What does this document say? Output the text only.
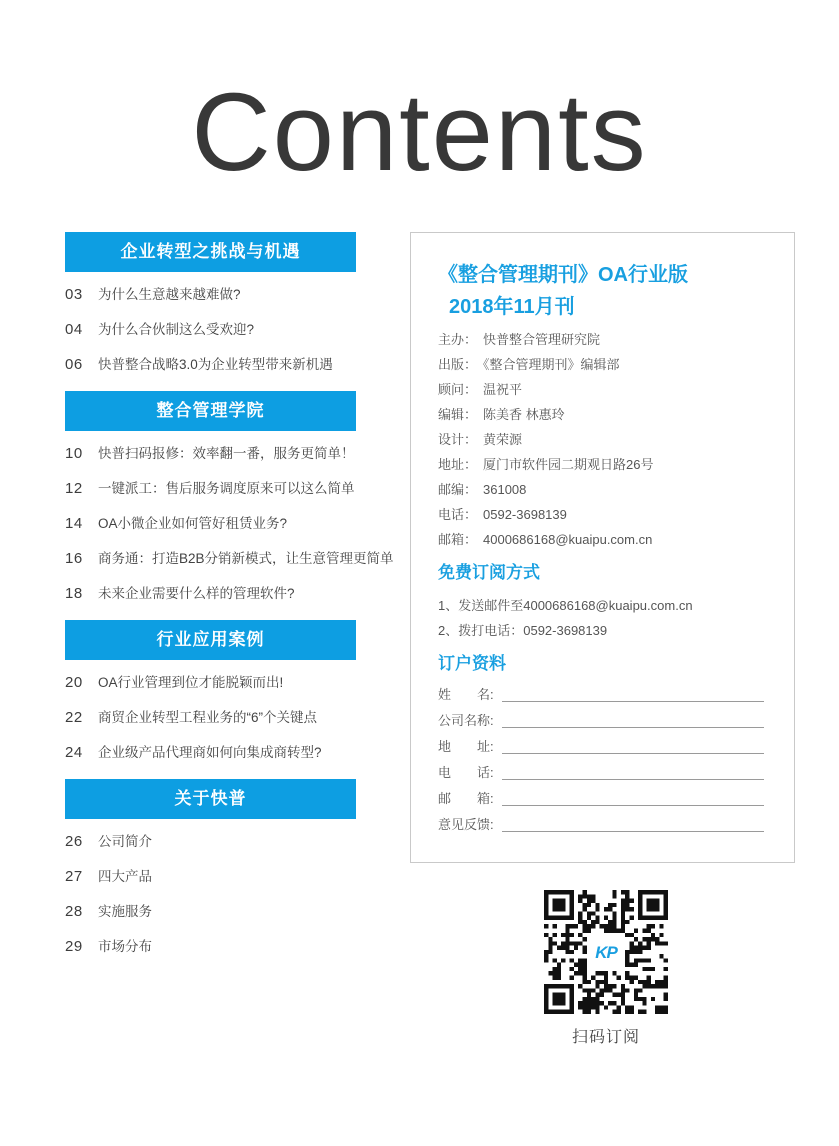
Contents
企业转型之挑战与机遇
03	为什么生意越来越难做?
04	为什么合伙制这么受欢迎?
06	快普整合战略3.0为企业转型带来新机遇
整合管理学院
10	快普扫码报修：效率翻一番，服务更简单！
12	一键派工：售后服务调度原来可以这么简单
14	OA小微企业如何管好租赁业务?
16	商务通：打造B2B分销新模式，让生意管理更简单
18	未来企业需要什么样的管理软件?
行业应用案例
20	OA行业管理到位才能脱颖而出!
22	商贸企业转型工程业务的“6”个关键点
24	企业级产品代理商如何向集成商转型?
关于快普
26	公司简介
27	四大产品
28	实施服务
29	市场分布
《整合管理期刊》OA行业版
2018年11月刊
主办： 快普整合管理研究院
出版： 《整合管理期刊》编辑部
顾问： 温祝平
编辑： 陈美香 林惠玲
设计： 黄荣源
地址： 厦门市软件园二期观日路26号
邮编： 361008
电话： 0592-3698139
邮箱： 4000686168@kuaipu.com.cn
免费订阅方式
1、发送邮件至4000686168@kuaipu.com.cn
2、拨打电话：0592-3698139
订户资料
姓　　名:
公司名称:
地　　址:
电　　话:
邮　　箱:
意见反馈:
KP
扫码订阅
